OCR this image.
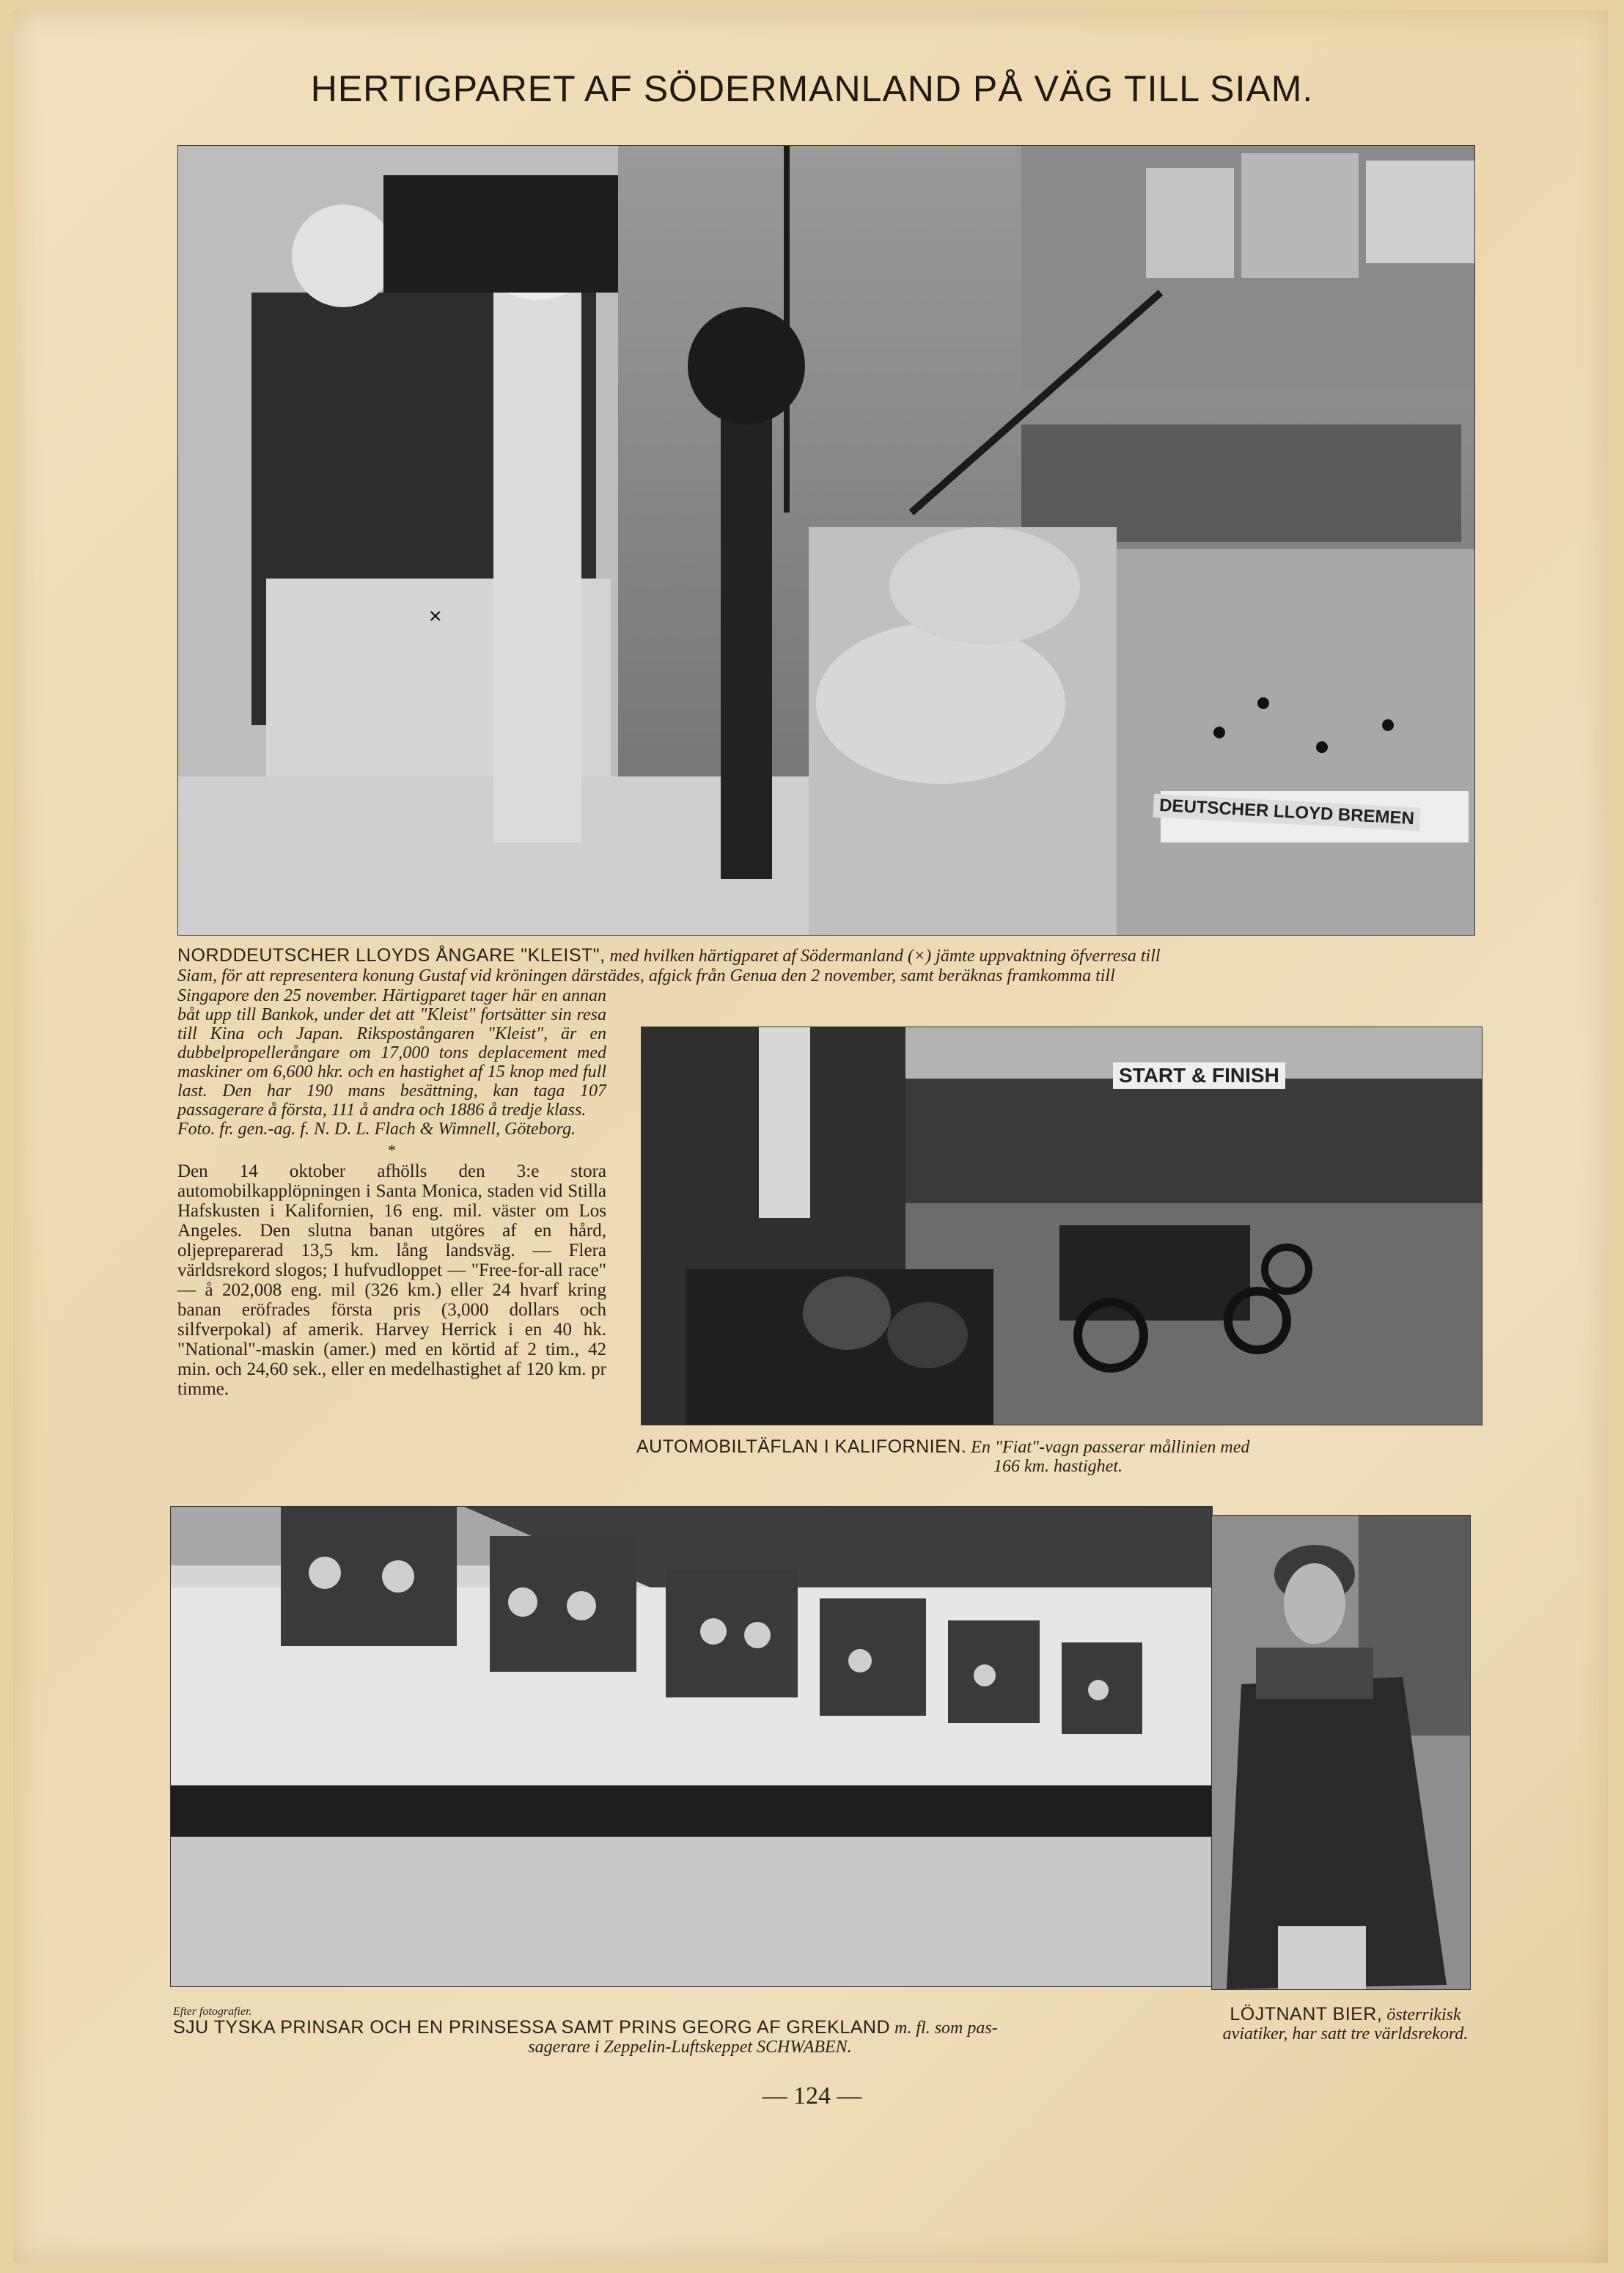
HERTIGPARET AF SÖDERMANLAND PÅ VÄG TILL SIAM.
×
DEUTSCHER LLOYD BREMEN
NORDDEUTSCHER LLOYDS ÅNGARE "KLEIST", med hvilken härtigparet af Södermanland (×) jämte uppvaktning öfverresa till
Siam, för att representera konung Gustaf vid kröningen därstädes, afgick från Genua den 2 november, samt beräknas framkomma till

Singapore den 25 november. Härtigparet tager här en annan båt upp till Bankok, under det att "Kleist" fortsätter sin resa till Kina och Japan. Rikspostångaren "Kleist", är en dubbelpropellerångare om 17,000 tons deplacement med maskiner om 6,600 hkr. och en hastighet af 15 knop med full last. Den har 190 mans besättning, kan taga 107 passagerare å första, 111 å andra och 1886 å tredje klass.

Foto. fr. gen.-ag. f. N. D. L. Flach & Wimnell, Göteborg.

*

Den 14 oktober afhölls den 3:e stora automobilkapplöpningen i Santa Monica, staden vid Stilla Hafskusten i Kalifornien, 16 eng. mil. väster om Los Angeles. Den slutna banan utgöres af en hård, oljepreparerad 13,5 km. lång landsväg. — Flera världsrekord slogos; I hufvudloppet — "Free-for-all race" — å 202,008 eng. mil (326 km.) eller 24 hvarf kring banan eröfrades första pris (3,000 dollars och silfverpokal) af amerik. Harvey Herrick i en 40 hk. "National"-maskin (amer.) med en körtid af 2 tim., 42 min. och 24,60 sek., eller en medelhastighet af 120 km. pr timme.

START & FINISH
AUTOMOBILTÄFLAN I KALIFORNIEN. En "Fiat"-vagn passerar mållinien med
166 km. hastighet.
Efter fotografier.
SJU TYSKA PRINSAR OCH EN PRINSESSA SAMT PRINS GEORG AF GREKLAND m. fl. som pas-
sagerare i Zeppelin-Luftskeppet SCHWABEN.
LÖJTNANT BIER, österrikisk aviatiker, har satt tre världsrekord.
— 124 —
